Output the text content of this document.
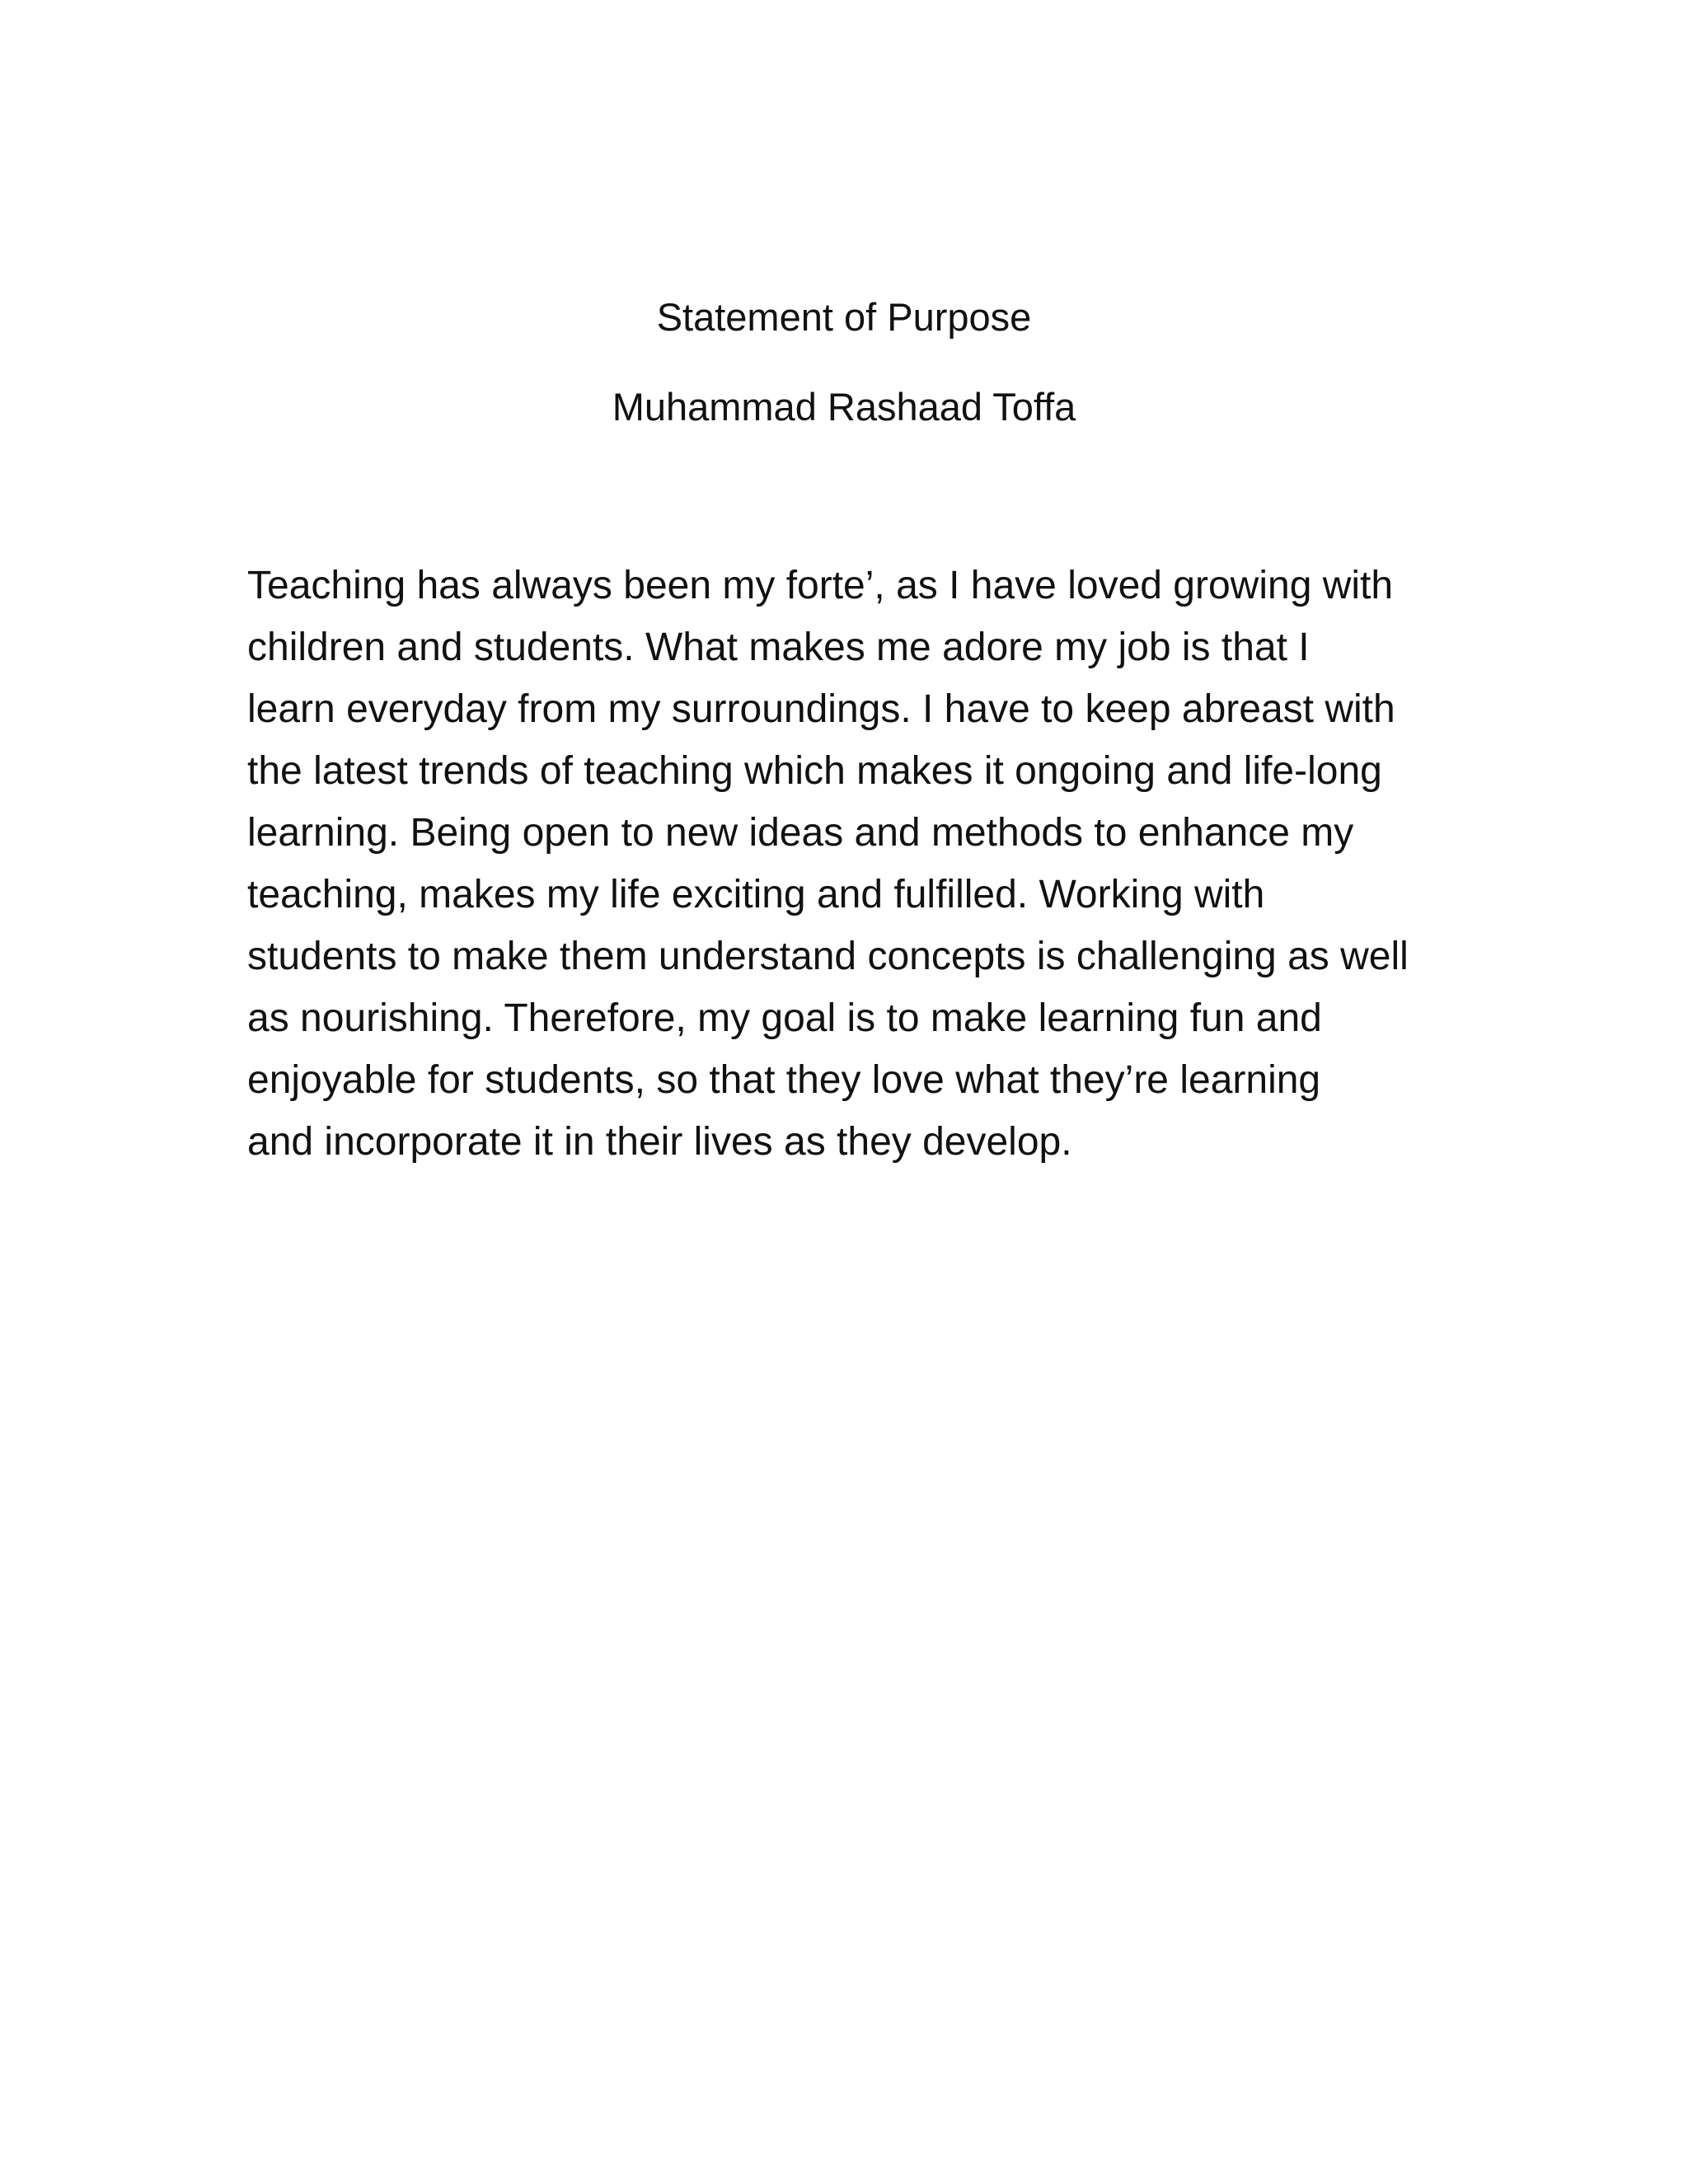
Statement of Purpose
Muhammad Rashaad Toffa
Teaching has always been my forte’, as I have loved growing with
children and students. What makes me adore my job is that I
learn everyday from my surroundings. I have to keep abreast with
the latest trends of teaching which makes it ongoing and life-long
learning. Being open to new ideas and methods to enhance my
teaching, makes my life exciting and fulfilled. Working with
students to make them understand concepts is challenging as well
as nourishing. Therefore, my goal is to make learning fun and
enjoyable for students, so that they love what they’re learning
and incorporate it in their lives as they develop.
